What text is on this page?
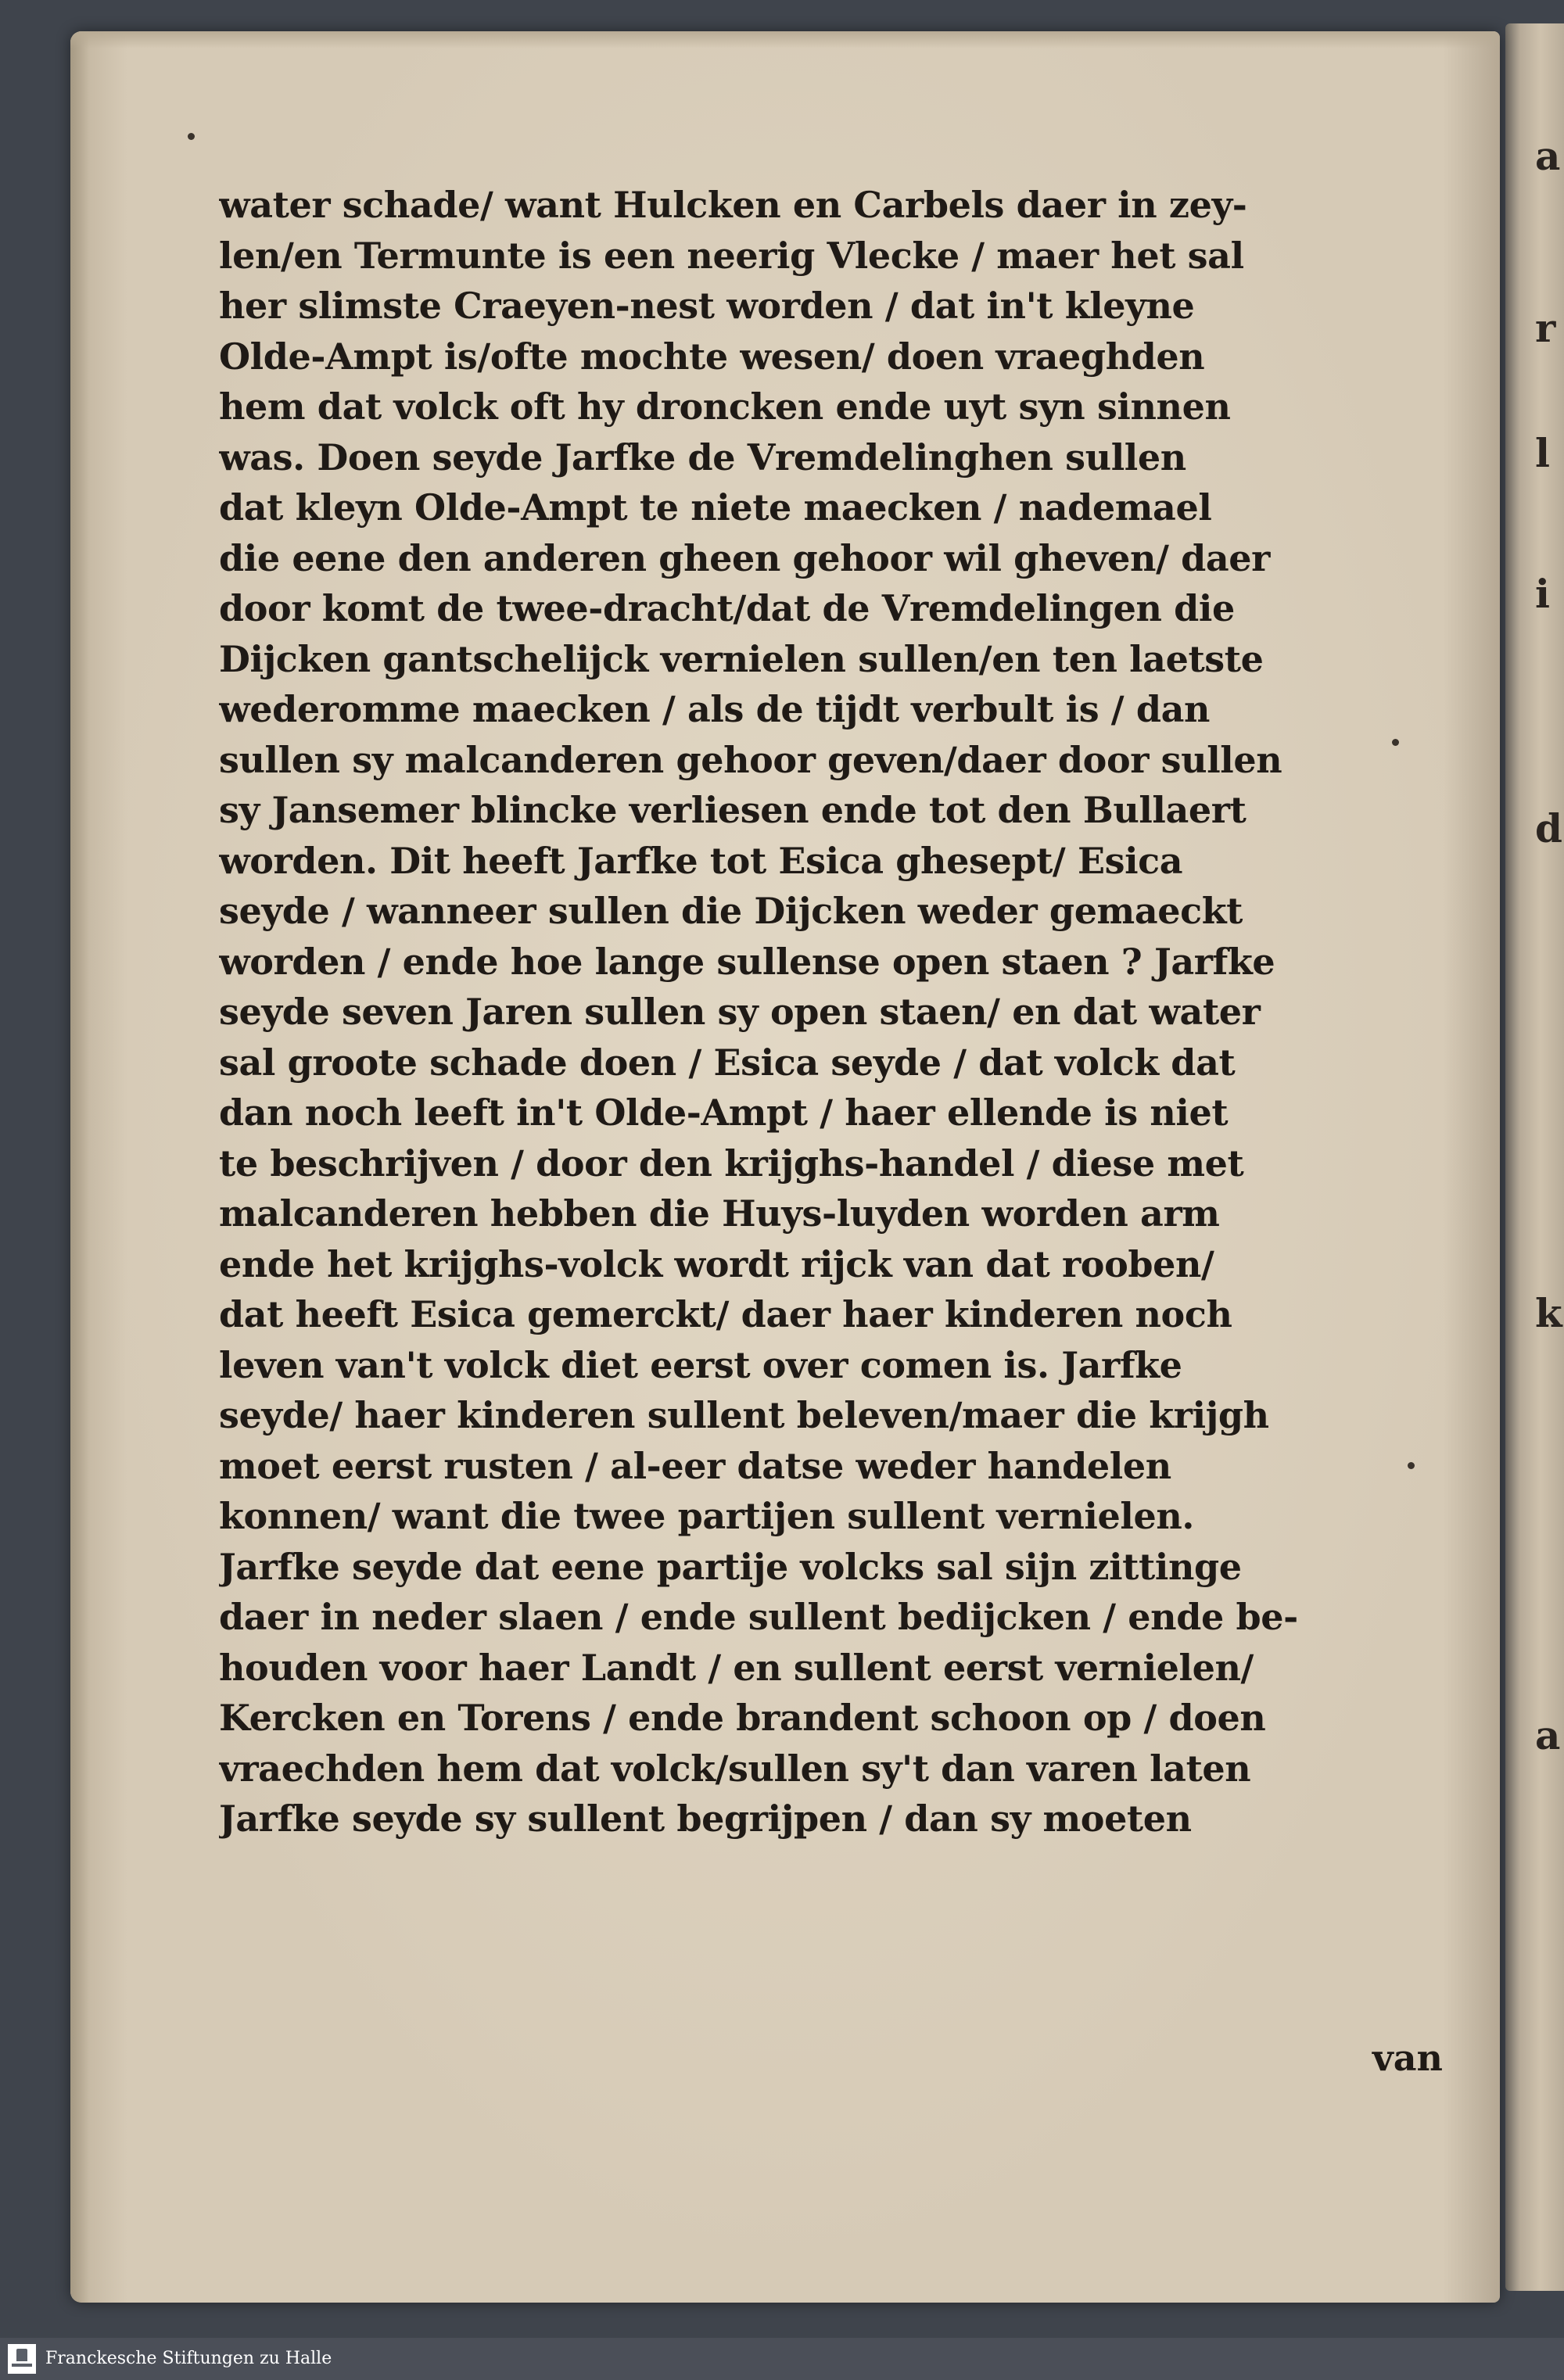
a
r
l
i
d
k
a
water schade/ want Hulcken en Carbels daer in zey-
len/en Termunte is een neerig Vlecke / maer het sal
her slimste Craeyen-nest worden / dat in't kleyne
Olde-Ampt is/ofte mochte wesen/ doen vraeghden
hem dat volck oft hy droncken ende uyt syn sinnen
was. Doen seyde Jarfke de Vremdelinghen sullen
dat kleyn Olde-Ampt te niete maecken / nademael
die eene den anderen gheen gehoor wil gheven/ daer
door komt de twee-dracht/dat de Vremdelingen die
Dijcken gantschelijck vernielen sullen/en ten laetste
wederomme maecken / als de tijdt verbult is / dan
sullen sy malcanderen gehoor geven/daer door sullen
sy Jansemer blincke verliesen ende tot den Bullaert
worden. Dit heeft Jarfke tot Esica ghesept/ Esica
seyde / wanneer sullen die Dijcken weder gemaeckt
worden / ende hoe lange sullense open staen ? Jarfke
seyde seven Jaren sullen sy open staen/ en dat water
sal groote schade doen / Esica seyde / dat volck dat
dan noch leeft in't Olde-Ampt / haer ellende is niet
te beschrijven / door den krijghs-handel / diese met
malcanderen hebben die Huys-luyden worden arm
ende het krijghs-volck wordt rijck van dat rooben/
dat heeft Esica gemerckt/ daer haer kinderen noch
leven van't volck diet eerst over comen is. Jarfke
seyde/ haer kinderen sullent beleven/maer die krijgh
moet eerst rusten / al-eer datse weder handelen
konnen/ want die twee partijen sullent vernielen.
Jarfke seyde dat eene partije volcks sal sijn zittinge
daer in neder slaen / ende sullent bedijcken / ende be-
houden voor haer Landt / en sullent eerst vernielen/
Kercken en Torens / ende brandent schoon op / doen
vraechden hem dat volck/sullen sy't dan varen laten
Jarfke seyde sy sullent begrijpen / dan sy moeten
van
Franckesche Stiftungen zu Halle
